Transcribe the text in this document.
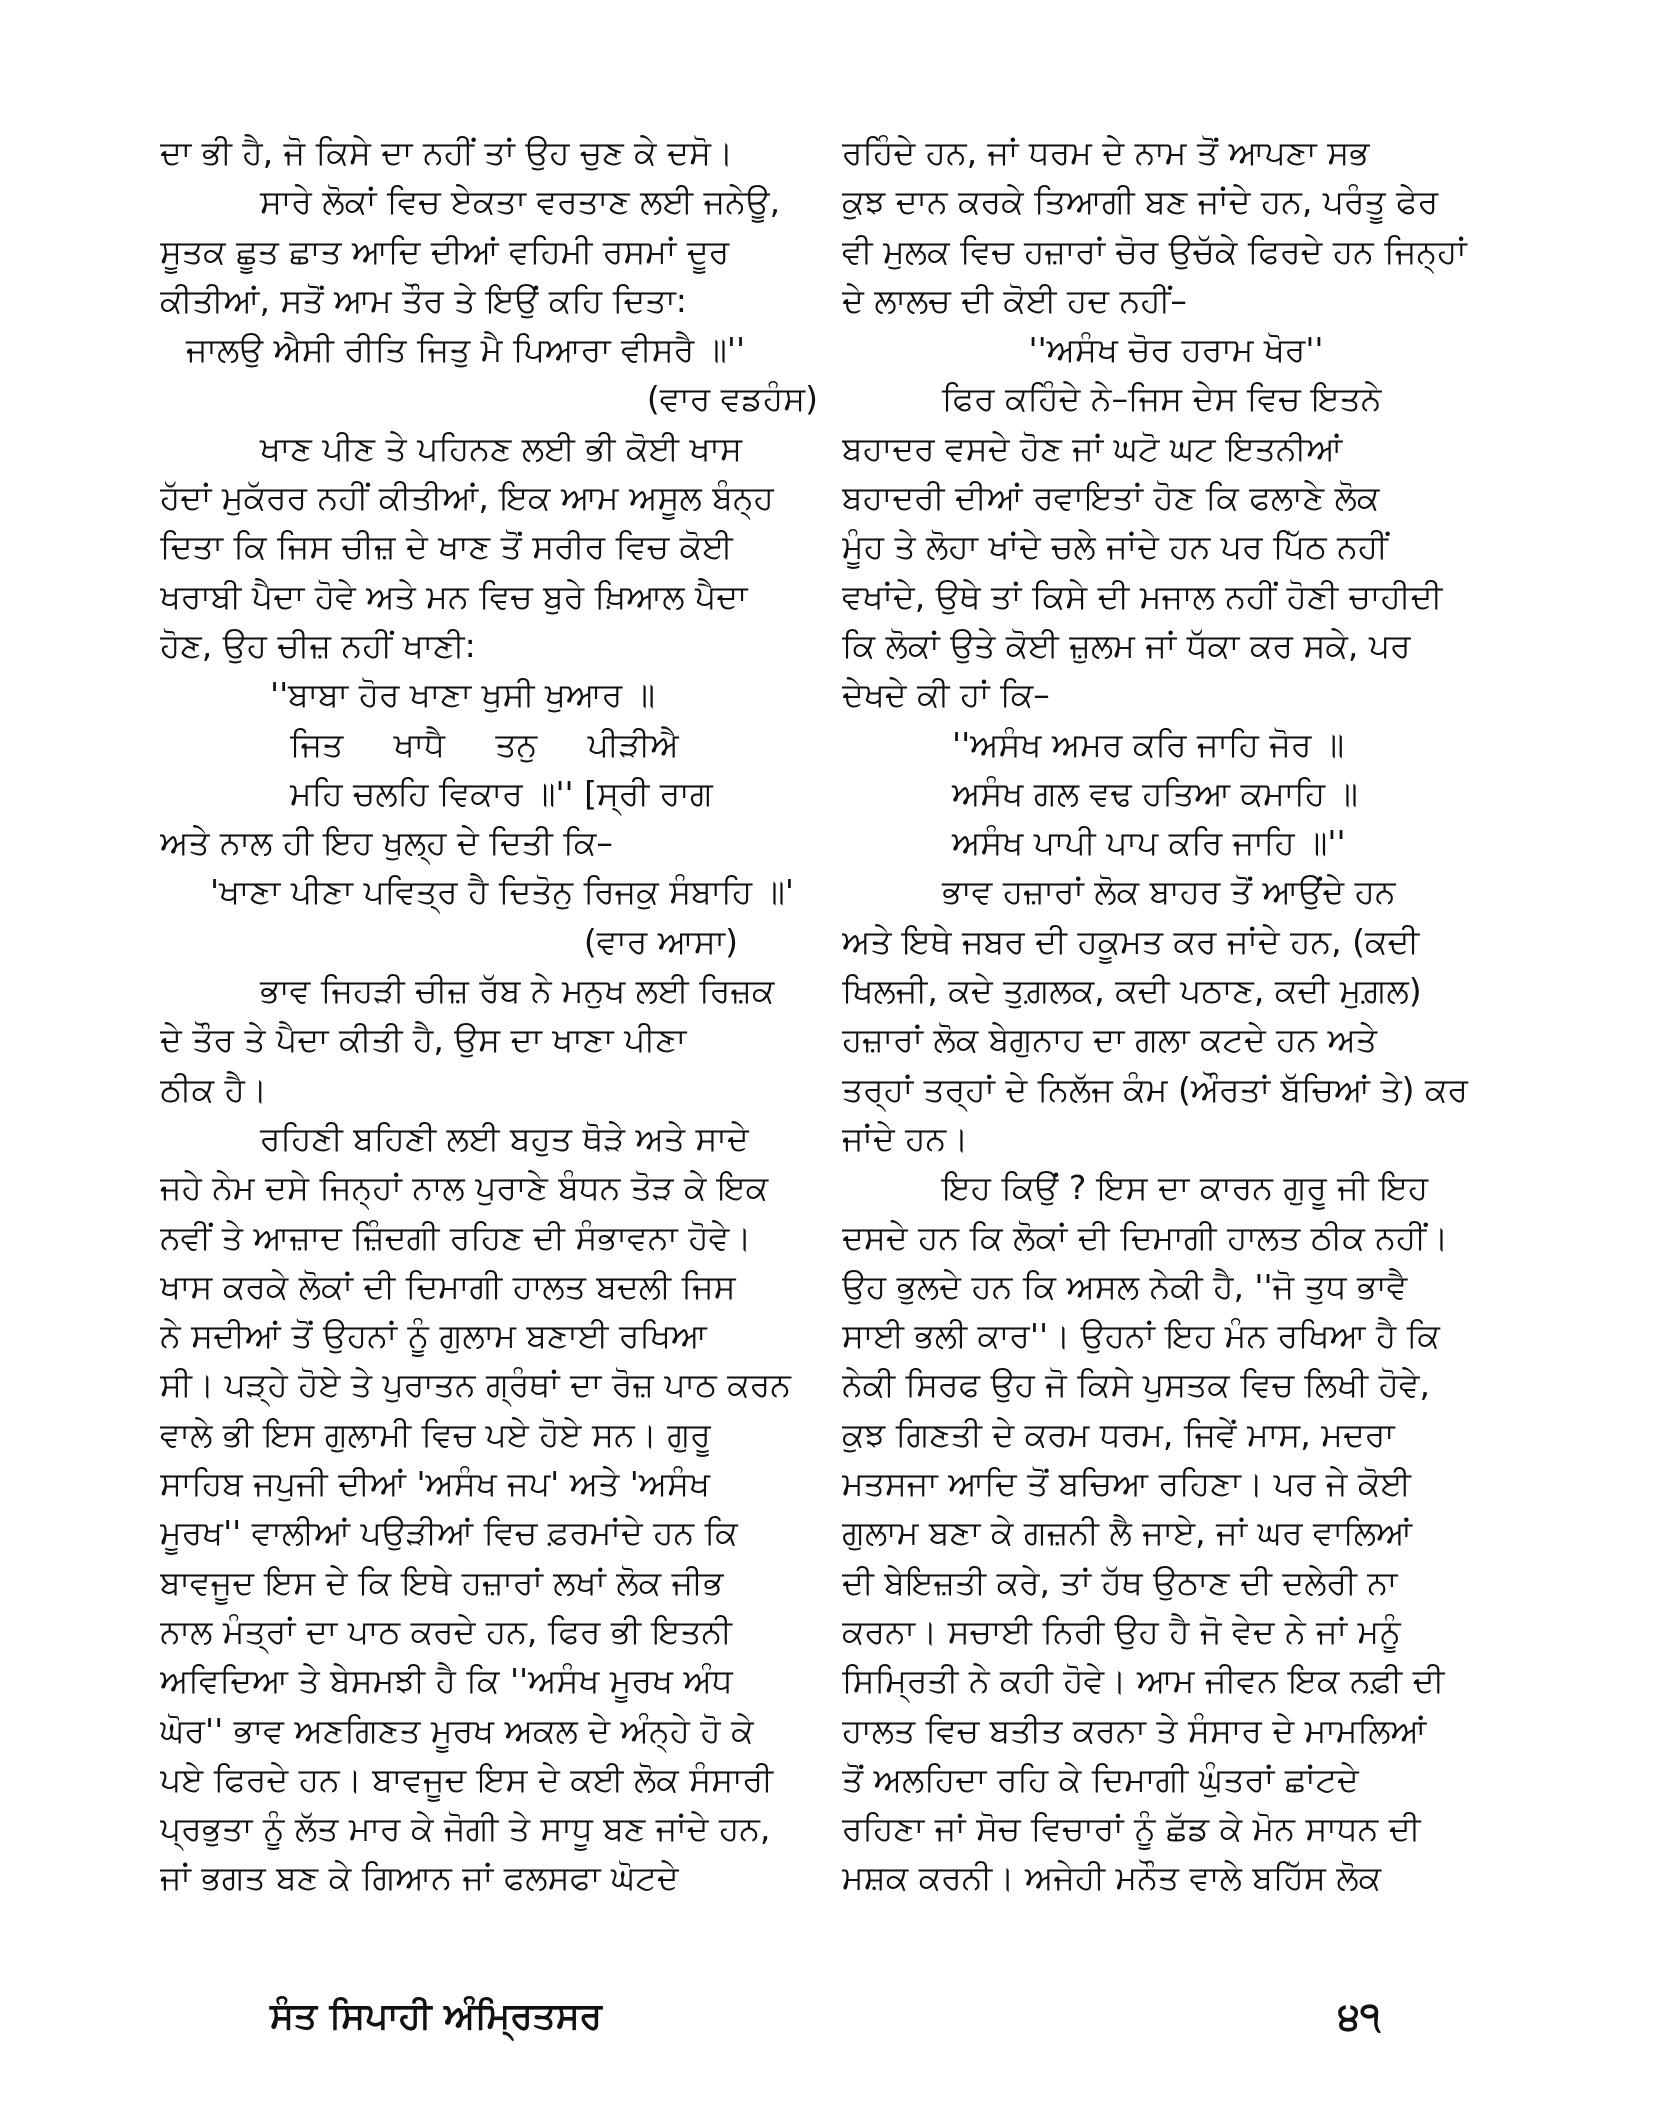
ਦਾ ਭੀ ਹੈ, ਜੋ ਕਿਸੇ ਦਾ ਨਹੀਂ ਤਾਂ ਉਹ ਚੁਣ ਕੇ ਦਸੋ।
ਸਾਰੇ ਲੋਕਾਂ ਵਿਚ ਏਕਤਾ ਵਰਤਾਣ ਲਈ ਜਨੇਊ,
ਸੂਤਕ ਛੂਤ ਛਾਤ ਆਦਿ ਦੀਆਂ ਵਹਿਮੀ ਰਸਮਾਂ ਦੂਰ
ਕੀਤੀਆਂ, ਸਤੋਂ ਆਮ ਤੌਰ ਤੇ ਇਉਂ ਕਹਿ ਦਿਤਾ:
ਜਾਲਉ ਐਸੀ ਰੀਤਿ ਜਿਤੁ ਮੈ ਪਿਆਰਾ ਵੀਸਰੈ ॥''
(ਵਾਰ ਵਡਹੰਸ)
ਖਾਣ ਪੀਣ ਤੇ ਪਹਿਨਣ ਲਈ ਭੀ ਕੋਈ ਖਾਸ
ਹੱਦਾਂ ਮੁਕੱਰਰ ਨਹੀਂ ਕੀਤੀਆਂ, ਇਕ ਆਮ ਅਸੂਲ ਬੰਨ੍ਹ
ਦਿਤਾ ਕਿ ਜਿਸ ਚੀਜ਼ ਦੇ ਖਾਣ ਤੋਂ ਸਰੀਰ ਵਿਚ ਕੋਈ
ਖਰਾਬੀ ਪੈਦਾ ਹੋਵੇ ਅਤੇ ਮਨ ਵਿਚ ਬੁਰੇ ਖ਼ਿਆਲ ਪੈਦਾ
ਹੋਣ, ਉਹ ਚੀਜ਼ ਨਹੀਂ ਖਾਣੀ:
''ਬਾਬਾ ਹੋਰ ਖਾਣਾ ਖੁਸੀ ਖੁਆਰ ॥
ਜਿਤ ਖਾਧੈ ਤਨੁ ਪੀੜੀਐ
ਮਹਿ ਚਲਹਿ ਵਿਕਾਰ ॥'' [ਸ੍ਰੀ ਰਾਗ
ਅਤੇ ਨਾਲ ਹੀ ਇਹ ਖੁਲ੍ਹ ਦੇ ਦਿਤੀ ਕਿ–
'ਖਾਣਾ ਪੀਣਾ ਪਵਿਤ੍ਰ ਹੈ ਦਿਤੋਨੁ ਰਿਜਕੁ ਸੰਬਾਹਿ ॥'
(ਵਾਰ ਆਸਾ)
ਭਾਵ ਜਿਹੜੀ ਚੀਜ਼ ਰੱਬ ਨੇ ਮਨੁਖ ਲਈ ਰਿਜ਼ਕ
ਦੇ ਤੌਰ ਤੇ ਪੈਦਾ ਕੀਤੀ ਹੈ, ਉਸ ਦਾ ਖਾਣਾ ਪੀਣਾ
ਠੀਕ ਹੈ।
ਰਹਿਣੀ ਬਹਿਣੀ ਲਈ ਬਹੁਤ ਥੋੜੇ ਅਤੇ ਸਾਦੇ
ਜਹੇ ਨੇਮ ਦਸੇ ਜਿਨ੍ਹਾਂ ਨਾਲ ਪੁਰਾਣੇ ਬੰਧਨ ਤੋੜ ਕੇ ਇਕ
ਨਵੀਂ ਤੇ ਆਜ਼ਾਦ ਜ਼ਿੰਦਗੀ ਰਹਿਣ ਦੀ ਸੰਭਾਵਨਾ ਹੋਵੇ।
ਖਾਸ ਕਰਕੇ ਲੋਕਾਂ ਦੀ ਦਿਮਾਗੀ ਹਾਲਤ ਬਦਲੀ ਜਿਸ
ਨੇ ਸਦੀਆਂ ਤੋਂ ਉਹਨਾਂ ਨੂੰ ਗੁਲਾਮ ਬਣਾਈ ਰਖਿਆ
ਸੀ। ਪੜ੍ਹੇ ਹੋਏ ਤੇ ਪੁਰਾਤਨ ਗ੍ਰੰਥਾਂ ਦਾ ਰੋਜ਼ ਪਾਠ ਕਰਨ
ਵਾਲੇ ਭੀ ਇਸ ਗੁਲਾਮੀ ਵਿਚ ਪਏ ਹੋਏ ਸਨ। ਗੁਰੂ
ਸਾਹਿਬ ਜਪੁਜੀ ਦੀਆਂ 'ਅਸੰਖ ਜਪ' ਅਤੇ 'ਅਸੰਖ
ਮੂਰਖ'' ਵਾਲੀਆਂ ਪਉੜੀਆਂ ਵਿਚ ਫ਼ਰਮਾਂਦੇ ਹਨ ਕਿ
ਬਾਵਜੂਦ ਇਸ ਦੇ ਕਿ ਇਥੇ ਹਜ਼ਾਰਾਂ ਲਖਾਂ ਲੋਕ ਜੀਭ
ਨਾਲ ਮੰਤ੍ਰਾਂ ਦਾ ਪਾਠ ਕਰਦੇ ਹਨ, ਫਿਰ ਭੀ ਇਤਨੀ
ਅਵਿਦਿਆ ਤੇ ਬੇਸਮਝੀ ਹੈ ਕਿ ''ਅਸੰਖ ਮੂਰਖ ਅੰਧ
ਘੋਰ'' ਭਾਵ ਅਣਗਿਣਤ ਮੂਰਖ ਅਕਲ ਦੇ ਅੰਨ੍ਹੇ ਹੋ ਕੇ
ਪਏ ਫਿਰਦੇ ਹਨ। ਬਾਵਜੂਦ ਇਸ ਦੇ ਕਈ ਲੋਕ ਸੰਸਾਰੀ
ਪ੍ਰਭੁਤਾ ਨੂੰ ਲੱਤ ਮਾਰ ਕੇ ਜੋਗੀ ਤੇ ਸਾਧੂ ਬਣ ਜਾਂਦੇ ਹਨ,
ਜਾਂ ਭਗਤ ਬਣ ਕੇ ਗਿਆਨ ਜਾਂ ਫਲਸਫਾ ਘੋਟਦੇ
ਰਹਿੰਦੇ ਹਨ, ਜਾਂ ਧਰਮ ਦੇ ਨਾਮ ਤੋਂ ਆਪਣਾ ਸਭ
ਕੁਝ ਦਾਨ ਕਰਕੇ ਤਿਆਗੀ ਬਣ ਜਾਂਦੇ ਹਨ, ਪਰੰਤੂ ਫੇਰ
ਵੀ ਮੁਲਕ ਵਿਚ ਹਜ਼ਾਰਾਂ ਚੋਰ ਉਚੱਕੇ ਫਿਰਦੇ ਹਨ ਜਿਨ੍ਹਾਂ
ਦੇ ਲਾਲਚ ਦੀ ਕੋਈ ਹਦ ਨਹੀਂ–
''ਅਸੰਖ ਚੋਰ ਹਰਾਮ ਖੋਰ''
ਫਿਰ ਕਹਿੰਦੇ ਨੇ–ਜਿਸ ਦੇਸ ਵਿਚ ਇਤਨੇ
ਬਹਾਦਰ ਵਸਦੇ ਹੋਣ ਜਾਂ ਘਟੋ ਘਟ ਇਤਨੀਆਂ
ਬਹਾਦਰੀ ਦੀਆਂ ਰਵਾਇਤਾਂ ਹੋਣ ਕਿ ਫਲਾਣੇ ਲੋਕ
ਮੂੰਹ ਤੇ ਲੋਹਾ ਖਾਂਦੇ ਚਲੇ ਜਾਂਦੇ ਹਨ ਪਰ ਪਿੱਠ ਨਹੀਂ
ਵਖਾਂਦੇ, ਉਥੇ ਤਾਂ ਕਿਸੇ ਦੀ ਮਜਾਲ ਨਹੀਂ ਹੋਣੀ ਚਾਹੀਦੀ
ਕਿ ਲੋਕਾਂ ਉਤੇ ਕੋਈ ਜ਼ੁਲਮ ਜਾਂ ਧੱਕਾ ਕਰ ਸਕੇ, ਪਰ
ਦੇਖਦੇ ਕੀ ਹਾਂ ਕਿ–
''ਅਸੰਖ ਅਮਰ ਕਰਿ ਜਾਹਿ ਜੋਰ ॥
ਅਸੰਖ ਗਲ ਵਢ ਹਤਿਆ ਕਮਾਹਿ ॥
ਅਸੰਖ ਪਾਪੀ ਪਾਪ ਕਰਿ ਜਾਹਿ ॥''
ਭਾਵ ਹਜ਼ਾਰਾਂ ਲੋਕ ਬਾਹਰ ਤੋਂ ਆਉਂਦੇ ਹਨ
ਅਤੇ ਇਥੇ ਜਬਰ ਦੀ ਹਕੂਮਤ ਕਰ ਜਾਂਦੇ ਹਨ, (ਕਦੀ
ਖਿਲਜੀ, ਕਦੇ ਤੁਗ਼ਲਕ, ਕਦੀ ਪਠਾਣ, ਕਦੀ ਮੁਗ਼ਲ)
ਹਜ਼ਾਰਾਂ ਲੋਕ ਬੇਗੁਨਾਹ ਦਾ ਗਲਾ ਕਟਦੇ ਹਨ ਅਤੇ
ਤਰ੍ਹਾਂ ਤਰ੍ਹਾਂ ਦੇ ਨਿਲੱਜ ਕੰਮ (ਔਰਤਾਂ ਬੱਚਿਆਂ ਤੇ) ਕਰ
ਜਾਂਦੇ ਹਨ।
ਇਹ ਕਿਉਂ ? ਇਸ ਦਾ ਕਾਰਨ ਗੁਰੂ ਜੀ ਇਹ
ਦਸਦੇ ਹਨ ਕਿ ਲੋਕਾਂ ਦੀ ਦਿਮਾਗੀ ਹਾਲਤ ਠੀਕ ਨਹੀਂ।
ਉਹ ਭੁਲਦੇ ਹਨ ਕਿ ਅਸਲ ਨੇਕੀ ਹੈ, ''ਜੋ ਤੁਧ ਭਾਵੈ
ਸਾਈ ਭਲੀ ਕਾਰ''। ਉਹਨਾਂ ਇਹ ਮੰਨ ਰਖਿਆ ਹੈ ਕਿ
ਨੇਕੀ ਸਿਰਫ ਉਹ ਜੋ ਕਿਸੇ ਪੁਸਤਕ ਵਿਚ ਲਿਖੀ ਹੋਵੇ,
ਕੁਝ ਗਿਣਤੀ ਦੇ ਕਰਮ ਧਰਮ, ਜਿਵੇਂ ਮਾਸ, ਮਦਰਾ
ਮਤਸਜਾ ਆਦਿ ਤੋਂ ਬਚਿਆ ਰਹਿਣਾ। ਪਰ ਜੇ ਕੋਈ
ਗੁਲਾਮ ਬਣਾ ਕੇ ਗਜ਼ਨੀ ਲੈ ਜਾਏ, ਜਾਂ ਘਰ ਵਾਲਿਆਂ
ਦੀ ਬੇਇਜ਼ਤੀ ਕਰੇ, ਤਾਂ ਹੱਥ ਉਠਾਣ ਦੀ ਦਲੇਰੀ ਨਾ
ਕਰਨਾ। ਸਚਾਈ ਨਿਰੀ ਉਹ ਹੈ ਜੋ ਵੇਦ ਨੇ ਜਾਂ ਮਨੂੰ
ਸਿਮ੍ਰਿਤੀ ਨੇ ਕਹੀ ਹੋਵੇ। ਆਮ ਜੀਵਨ ਇਕ ਨਫ਼ੀ ਦੀ
ਹਾਲਤ ਵਿਚ ਬਤੀਤ ਕਰਨਾ ਤੇ ਸੰਸਾਰ ਦੇ ਮਾਮਲਿਆਂ
ਤੋਂ ਅਲਹਿਦਾ ਰਹਿ ਕੇ ਦਿਮਾਗੀ ਘੁੰਤਰਾਂ ਛਾਂਟਦੇ
ਰਹਿਣਾ ਜਾਂ ਸੋਚ ਵਿਚਾਰਾਂ ਨੂੰ ਛੱਡ ਕੇ ਮੋਨ ਸਾਧਨ ਦੀ
ਮਸ਼ਕ ਕਰਨੀ। ਅਜੇਹੀ ਮਨੌਤ ਵਾਲੇ ਬਹਿੱਸ ਲੋਕ
ਸੰਤ ਸਿਪਾਹੀ ਅੰਮ੍ਰਿਤਸਰ	੪੧
